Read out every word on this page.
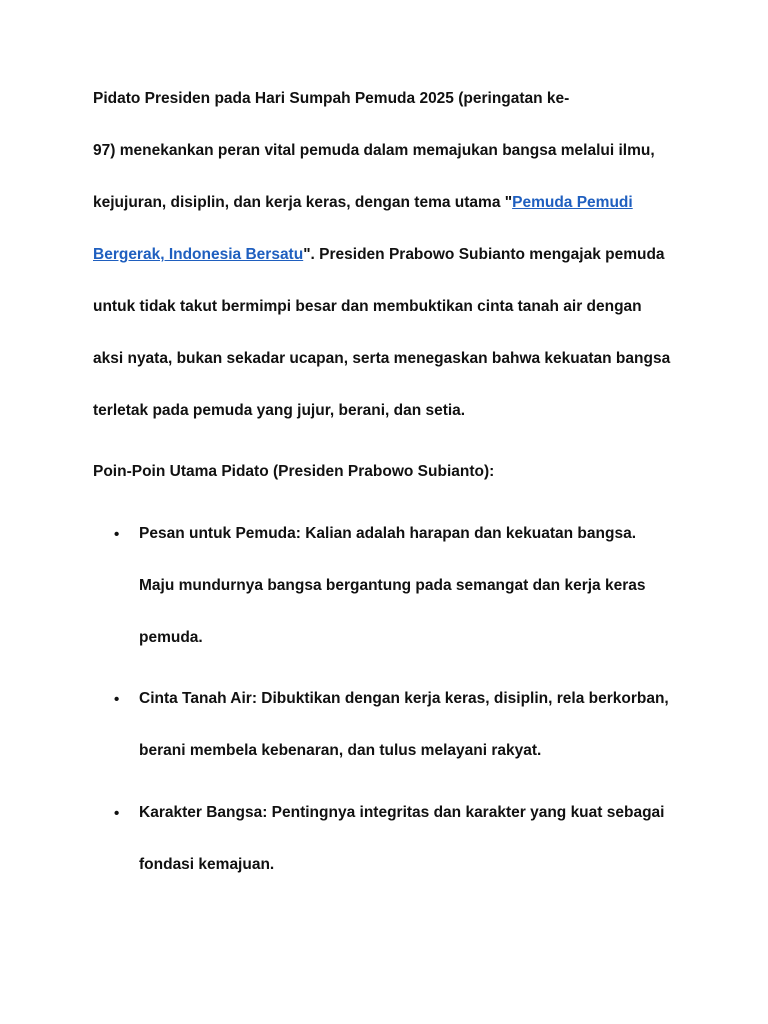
Pidato Presiden pada Hari Sumpah Pemuda 2025 (peringatan ke-
97) menekankan peran vital pemuda dalam memajukan bangsa melalui ilmu,
kejujuran, disiplin, dan kerja keras, dengan tema utama "Pemuda Pemudi
Bergerak, Indonesia Bersatu". Presiden Prabowo Subianto mengajak pemuda
untuk tidak takut bermimpi besar dan membuktikan cinta tanah air dengan
aksi nyata, bukan sekadar ucapan, serta menegaskan bahwa kekuatan bangsa
terletak pada pemuda yang jujur, berani, dan setia.
Poin-Poin Utama Pidato (Presiden Prabowo Subianto):
• Pesan untuk Pemuda: Kalian adalah harapan dan kekuatan bangsa.
Maju mundurnya bangsa bergantung pada semangat dan kerja keras
pemuda.
• Cinta Tanah Air: Dibuktikan dengan kerja keras, disiplin, rela berkorban,
berani membela kebenaran, dan tulus melayani rakyat.
• Karakter Bangsa: Pentingnya integritas dan karakter yang kuat sebagai
fondasi kemajuan.
